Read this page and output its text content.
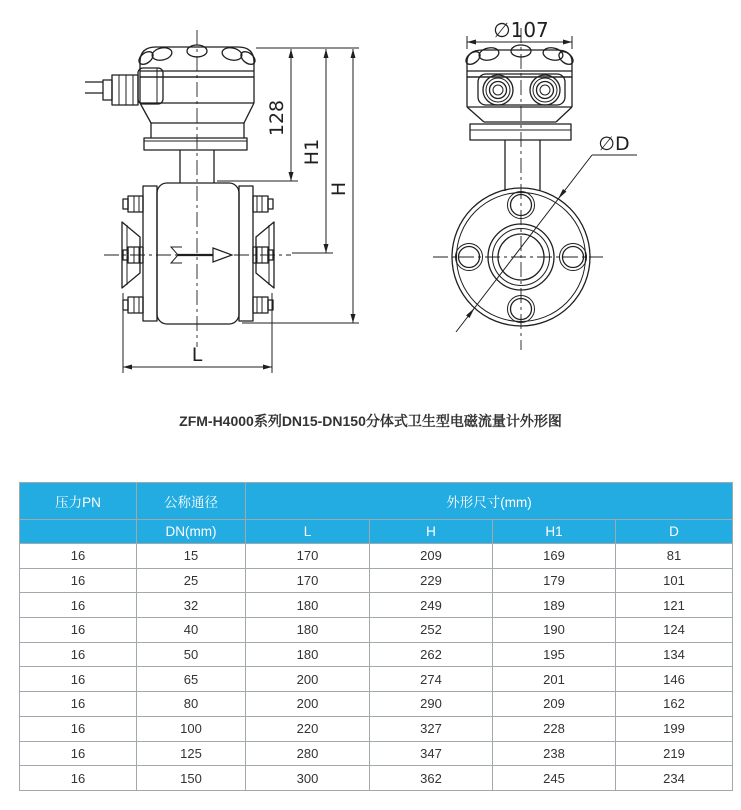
128
H1
H
L
∅107
∅D
ZFM-H4000系列DN15-DN150分体式卫生型电磁流量计外形图
压力PN	公称通径	外形尺寸(mm)			
	DN(mm)	L	H	H1	D
16	15	170	209	169	81
16	25	170	229	179	101
16	32	180	249	189	121
16	40	180	252	190	124
16	50	180	262	195	134
16	65	200	274	201	146
16	80	200	290	209	162
16	100	220	327	228	199
16	125	280	347	238	219
16	150	300	362	245	234
